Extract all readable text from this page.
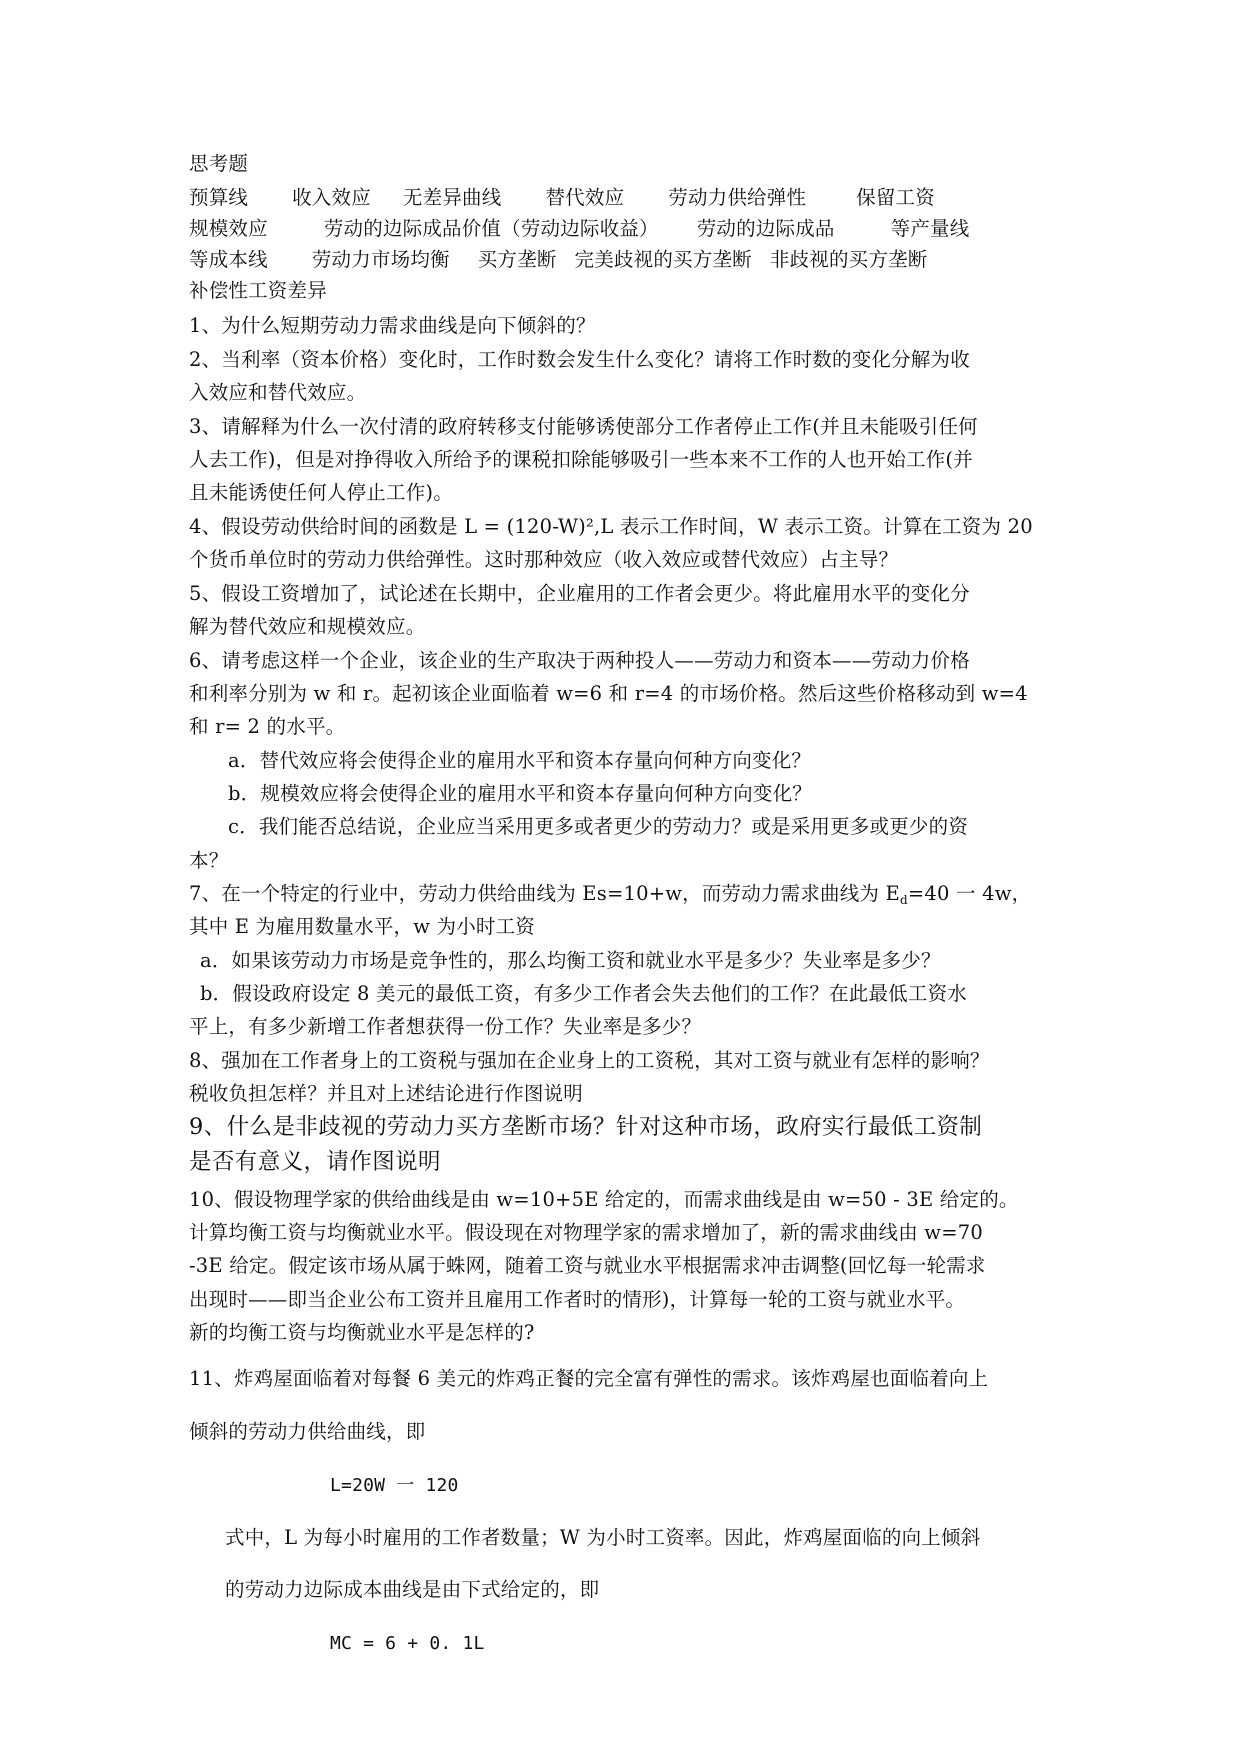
思考题
预算线 收入效应 无差异曲线 替代效应 劳动力供给弹性	保留工资
规模效应	劳动的边际成品价值（劳动边际收益） 劳动的边际成品	等产量线
等成本线 劳动力市场均衡 买方垄断 完美歧视的买方垄断 非歧视的买方垄断
补偿性工资差异
1、为什么短期劳动力需求曲线是向下倾斜的？
2、当利率（资本价格）变化时，工作时数会发生什么变化？请将工作时数的变化分解为收
入效应和替代效应。
3、请解释为什么一次付清的政府转移支付能够诱使部分工作者停止工作(并且未能吸引任何
人去工作)，但是对挣得收入所给予的课税扣除能够吸引一些本来不工作的人也开始工作(并
且未能诱使任何人停止工作)。
4、假设劳动供给时间的函数是 L = (120-W)²,L 表示工作时间，W 表示工资。计算在工资为 20
个货币单位时的劳动力供给弹性。这时那种效应（收入效应或替代效应）占主导？
5、假设工资增加了，试论述在长期中，企业雇用的工作者会更少。将此雇用水平的变化分
解为替代效应和规模效应。
6、请考虑这样一个企业，该企业的生产取决于两种投人——劳动力和资本——劳动力价格
和利率分别为 w 和 r。起初该企业面临着 w=6 和 r=4 的市场价格。然后这些价格移动到 w=4
和 r= 2 的水平。
a．替代效应将会使得企业的雇用水平和资本存量向何种方向变化？
b．规模效应将会使得企业的雇用水平和资本存量向何种方向变化？
c．我们能否总结说，企业应当采用更多或者更少的劳动力？或是采用更多或更少的资
本？
7、在一个特定的行业中，劳动力供给曲线为 Es=10+w，而劳动力需求曲线为 $E_d=40$ 一 4w，
其中 E 为雇用数量水平，w 为小时工资
a．如果该劳动力市场是竞争性的，那么均衡工资和就业水平是多少？失业率是多少？
b．假设政府设定 8 美元的最低工资，有多少工作者会失去他们的工作？在此最低工资水
平上，有多少新增工作者想获得一份工作？失业率是多少？
8、强加在工作者身上的工资税与强加在企业身上的工资税，其对工资与就业有怎样的影响？
税收负担怎样？并且对上述结论进行作图说明
9、什么是非歧视的劳动力买方垄断市场？针对这种市场，政府实行最低工资制
是否有意义，请作图说明
10、假设物理学家的供给曲线是由 w=10+5E 给定的，而需求曲线是由 w=50 - 3E 给定的。
计算均衡工资与均衡就业水平。假设现在对物理学家的需求增加了，新的需求曲线由 w=70
-3E 给定。假定该市场从属于蛛网，随着工资与就业水平根据需求冲击调整(回忆每一轮需求
出现时——即当企业公布工资并且雇用工作者时的情形)，计算每一轮的工资与就业水平。
新的均衡工资与均衡就业水平是怎样的?
11、炸鸡屋面临着对每餐 6 美元的炸鸡正餐的完全富有弹性的需求。该炸鸡屋也面临着向上
倾斜的劳动力供给曲线，即
L=20W 一 120
式中，L 为每小时雇用的工作者数量；W 为小时工资率。因此，炸鸡屋面临的向上倾斜
的劳动力边际成本曲线是由下式给定的，即
MC = 6 + 0. 1L
